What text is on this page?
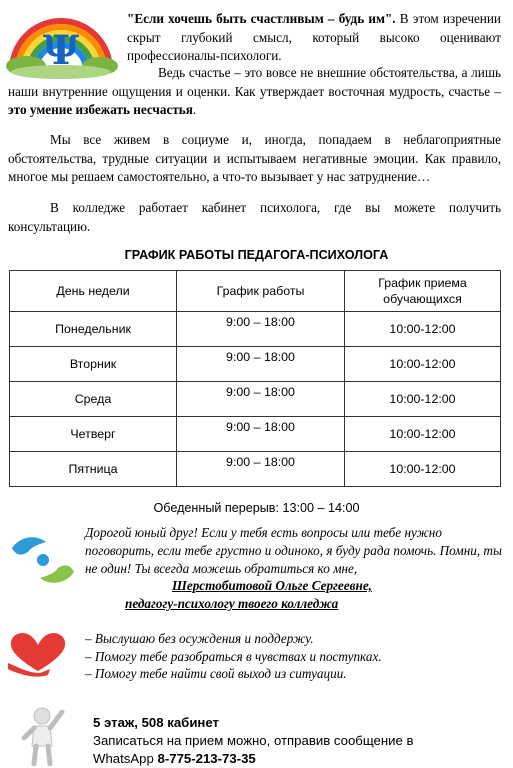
Ψ

"Если хочешь быть счастливым – будь им". В этом изречении скрыт глубокий смысл, который высоко оценивают профессионалы-психологи.

Ведь счастье – это вовсе не внешние обстоятельства, а лишь наши внутренние ощущения и оценки. Как утверждает восточная мудрость, счастье – это умение избежать несчастья.

Мы все живем в социуме и, иногда, попадаем в неблагоприятные обстоятельства, трудные ситуации и испытываем негативные эмоции. Как правило, многое мы решаем самостоятельно, а что-то вызывает у нас затруднение…

В колледже работает кабинет психолога, где вы можете получить консультацию.

ГРАФИК РАБОТЫ ПЕДАГОГА-ПСИХОЛОГА
День недели	График работы	График приема обучающихся
Понедельник	9:00 – 18:00	10:00-12:00
Вторник	9:00 – 18:00	10:00-12:00
Среда	9:00 – 18:00	10:00-12:00
Четверг	9:00 – 18:00	10:00-12:00
Пятница	9:00 – 18:00	10:00-12:00
Обеденный перерыв: 13:00 – 14:00

Дорогой юный друг! Если у тебя есть вопросы или тебе нужно поговорить, если тебе грустно и одиноко, я буду рада помочь. Помни, ты не один! Ты всегда можешь обратиться ко мне,

Шерстобитовой Ольге Сергеевне,
педагогу-психологу твоего колледжа
– Выслушаю без осуждения и поддержу.
– Помогу тебе разобраться в чувствах и поступках.
– Помогу тебе найти свой выход из ситуации.
5 этаж, 508 кабинет
Записаться на прием можно, отправив сообщение в
WhatsApp 8-775-213-73-35
